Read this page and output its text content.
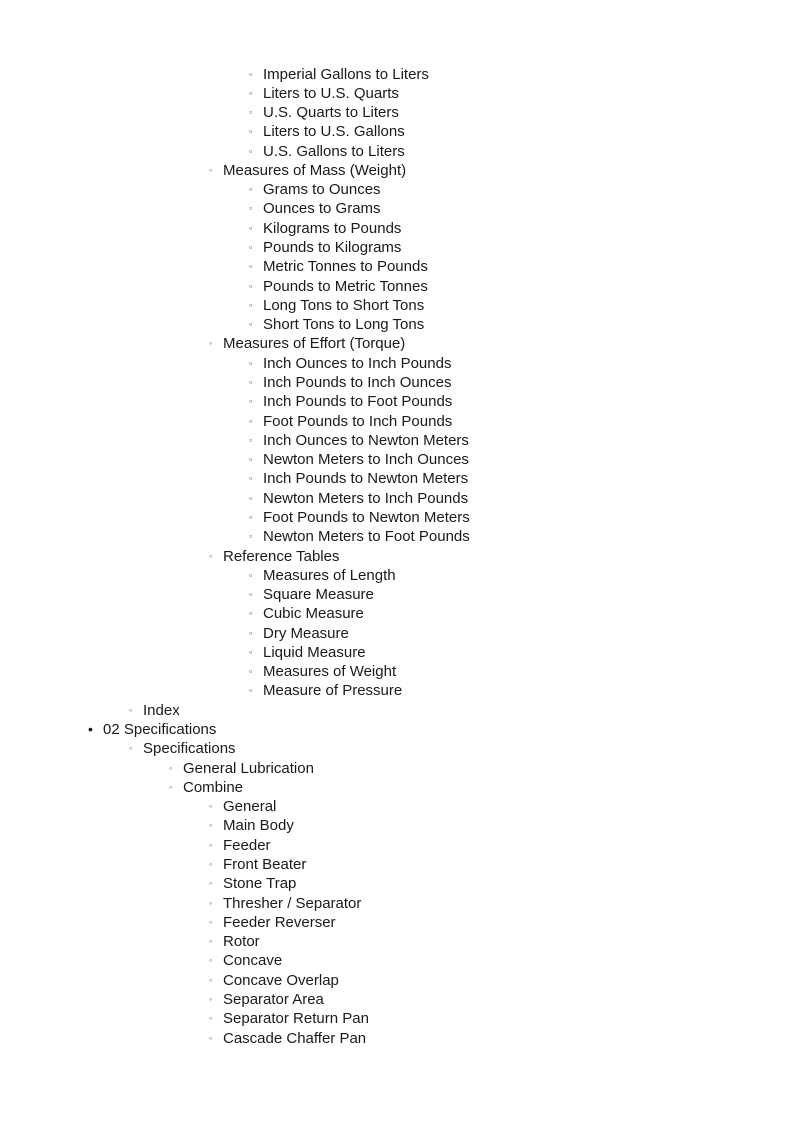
▫ Imperial Gallons to Liters
▫ Liters to U.S. Quarts
▫ U.S. Quarts to Liters
▫ Liters to U.S. Gallons
▫ U.S. Gallons to Liters
◦ Measures of Mass (Weight)
▫ Grams to Ounces
▫ Ounces to Grams
▫ Kilograms to Pounds
▫ Pounds to Kilograms
▫ Metric Tonnes to Pounds
▫ Pounds to Metric Tonnes
▫ Long Tons to Short Tons
▫ Short Tons to Long Tons
◦ Measures of Effort (Torque)
▫ Inch Ounces to Inch Pounds
▫ Inch Pounds to Inch Ounces
▫ Inch Pounds to Foot Pounds
▫ Foot Pounds to Inch Pounds
▫ Inch Ounces to Newton Meters
▫ Newton Meters to Inch Ounces
▫ Inch Pounds to Newton Meters
▫ Newton Meters to Inch Pounds
▫ Foot Pounds to Newton Meters
▫ Newton Meters to Foot Pounds
◦ Reference Tables
▫ Measures of Length
▫ Square Measure
▫ Cubic Measure
▫ Dry Measure
▫ Liquid Measure
▫ Measures of Weight
▫ Measure of Pressure
◦ Index
• 02 Specifications
◦ Specifications
◦ General Lubrication
◦ Combine
◦ General
◦ Main Body
◦ Feeder
◦ Front Beater
◦ Stone Trap
◦ Thresher / Separator
◦ Feeder Reverser
◦ Rotor
◦ Concave
◦ Concave Overlap
◦ Separator Area
◦ Separator Return Pan
◦ Cascade Chaffer Pan
